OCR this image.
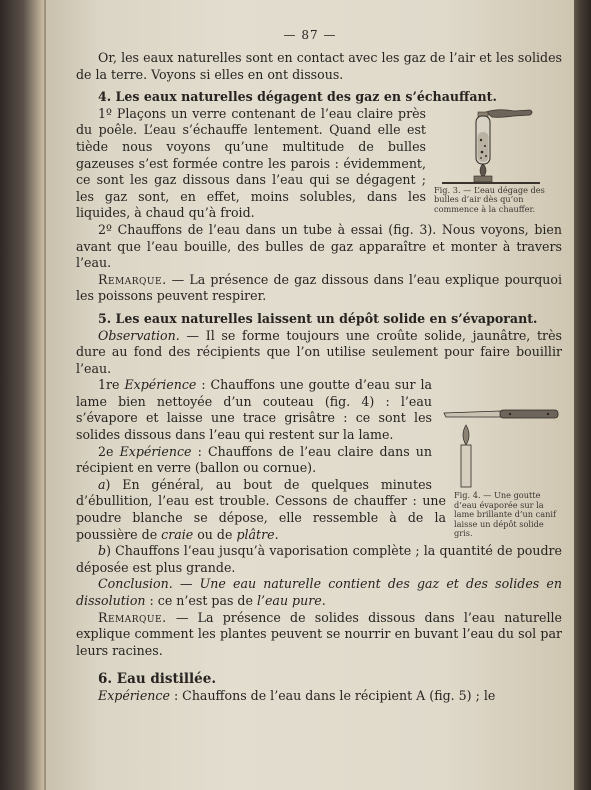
— 87 —

Or, les eaux naturelles sont en contact avec les gaz de l’air et les solides de la terre. Voyons si elles en ont dissous.

4. Les eaux naturelles dégagent des gaz en s’échauffant.

Fig. 3. — L’eau dégage des bulles d’air dès qu’on commence à la chauffer.

1º Plaçons un verre contenant de l’eau claire près du poêle. L’eau s’échauffe lentement. Quand elle est tiède nous voyons qu’une multitude de bulles gazeuses s’est formée contre les parois : évidemment, ce sont les gaz dissous dans l’eau qui se dégagent ; les gaz sont, en effet, moins solubles, dans les liquides, à chaud qu’à froid.

2º Chauffons de l’eau dans un tube à essai (fig. 3). Nous voyons, bien avant que l’eau bouille, des bulles de gaz apparaître et monter à travers l’eau.

Remarque. — La présence de gaz dissous dans l’eau explique pourquoi les poissons peuvent respirer.

5. Les eaux naturelles laissent un dépôt solide en s’évaporant.

Observation. — Il se forme toujours une croûte solide, jaunâtre, très dure au fond des récipients que l’on utilise seulement pour faire bouillir l’eau.

1re Expérience : Chauffons une goutte d’eau sur la lame bien nettoyée d’un couteau (fig. 4) : l’eau s’évapore et laisse une trace grisâtre : ce sont les solides dissous dans l’eau qui restent sur la lame.

2e Expérience : Chauffons de l’eau claire dans un récipient en verre (ballon ou cornue).

Fig. 4. — Une goutte d’eau évaporée sur la lame brillante d’un canif laisse un dépôt solide gris.

a) En général, au bout de quelques minutes d’ébullition, l’eau est trouble. Cessons de chauffer : une poudre blanche se dépose, elle ressemble à de la poussière de craie ou de plâtre.

b) Chauffons l’eau jusqu’à vaporisation complète ; la quantité de poudre déposée est plus grande.

Conclusion. — Une eau naturelle contient des gaz et des solides en dissolution : ce n’est pas de l’eau pure.

Remarque. — La présence de solides dissous dans l’eau naturelle explique comment les plantes peuvent se nourrir en buvant l’eau du sol par leurs racines.

6. Eau distillée.

Expérience : Chauffons de l’eau dans le récipient A (fig. 5) ; le
